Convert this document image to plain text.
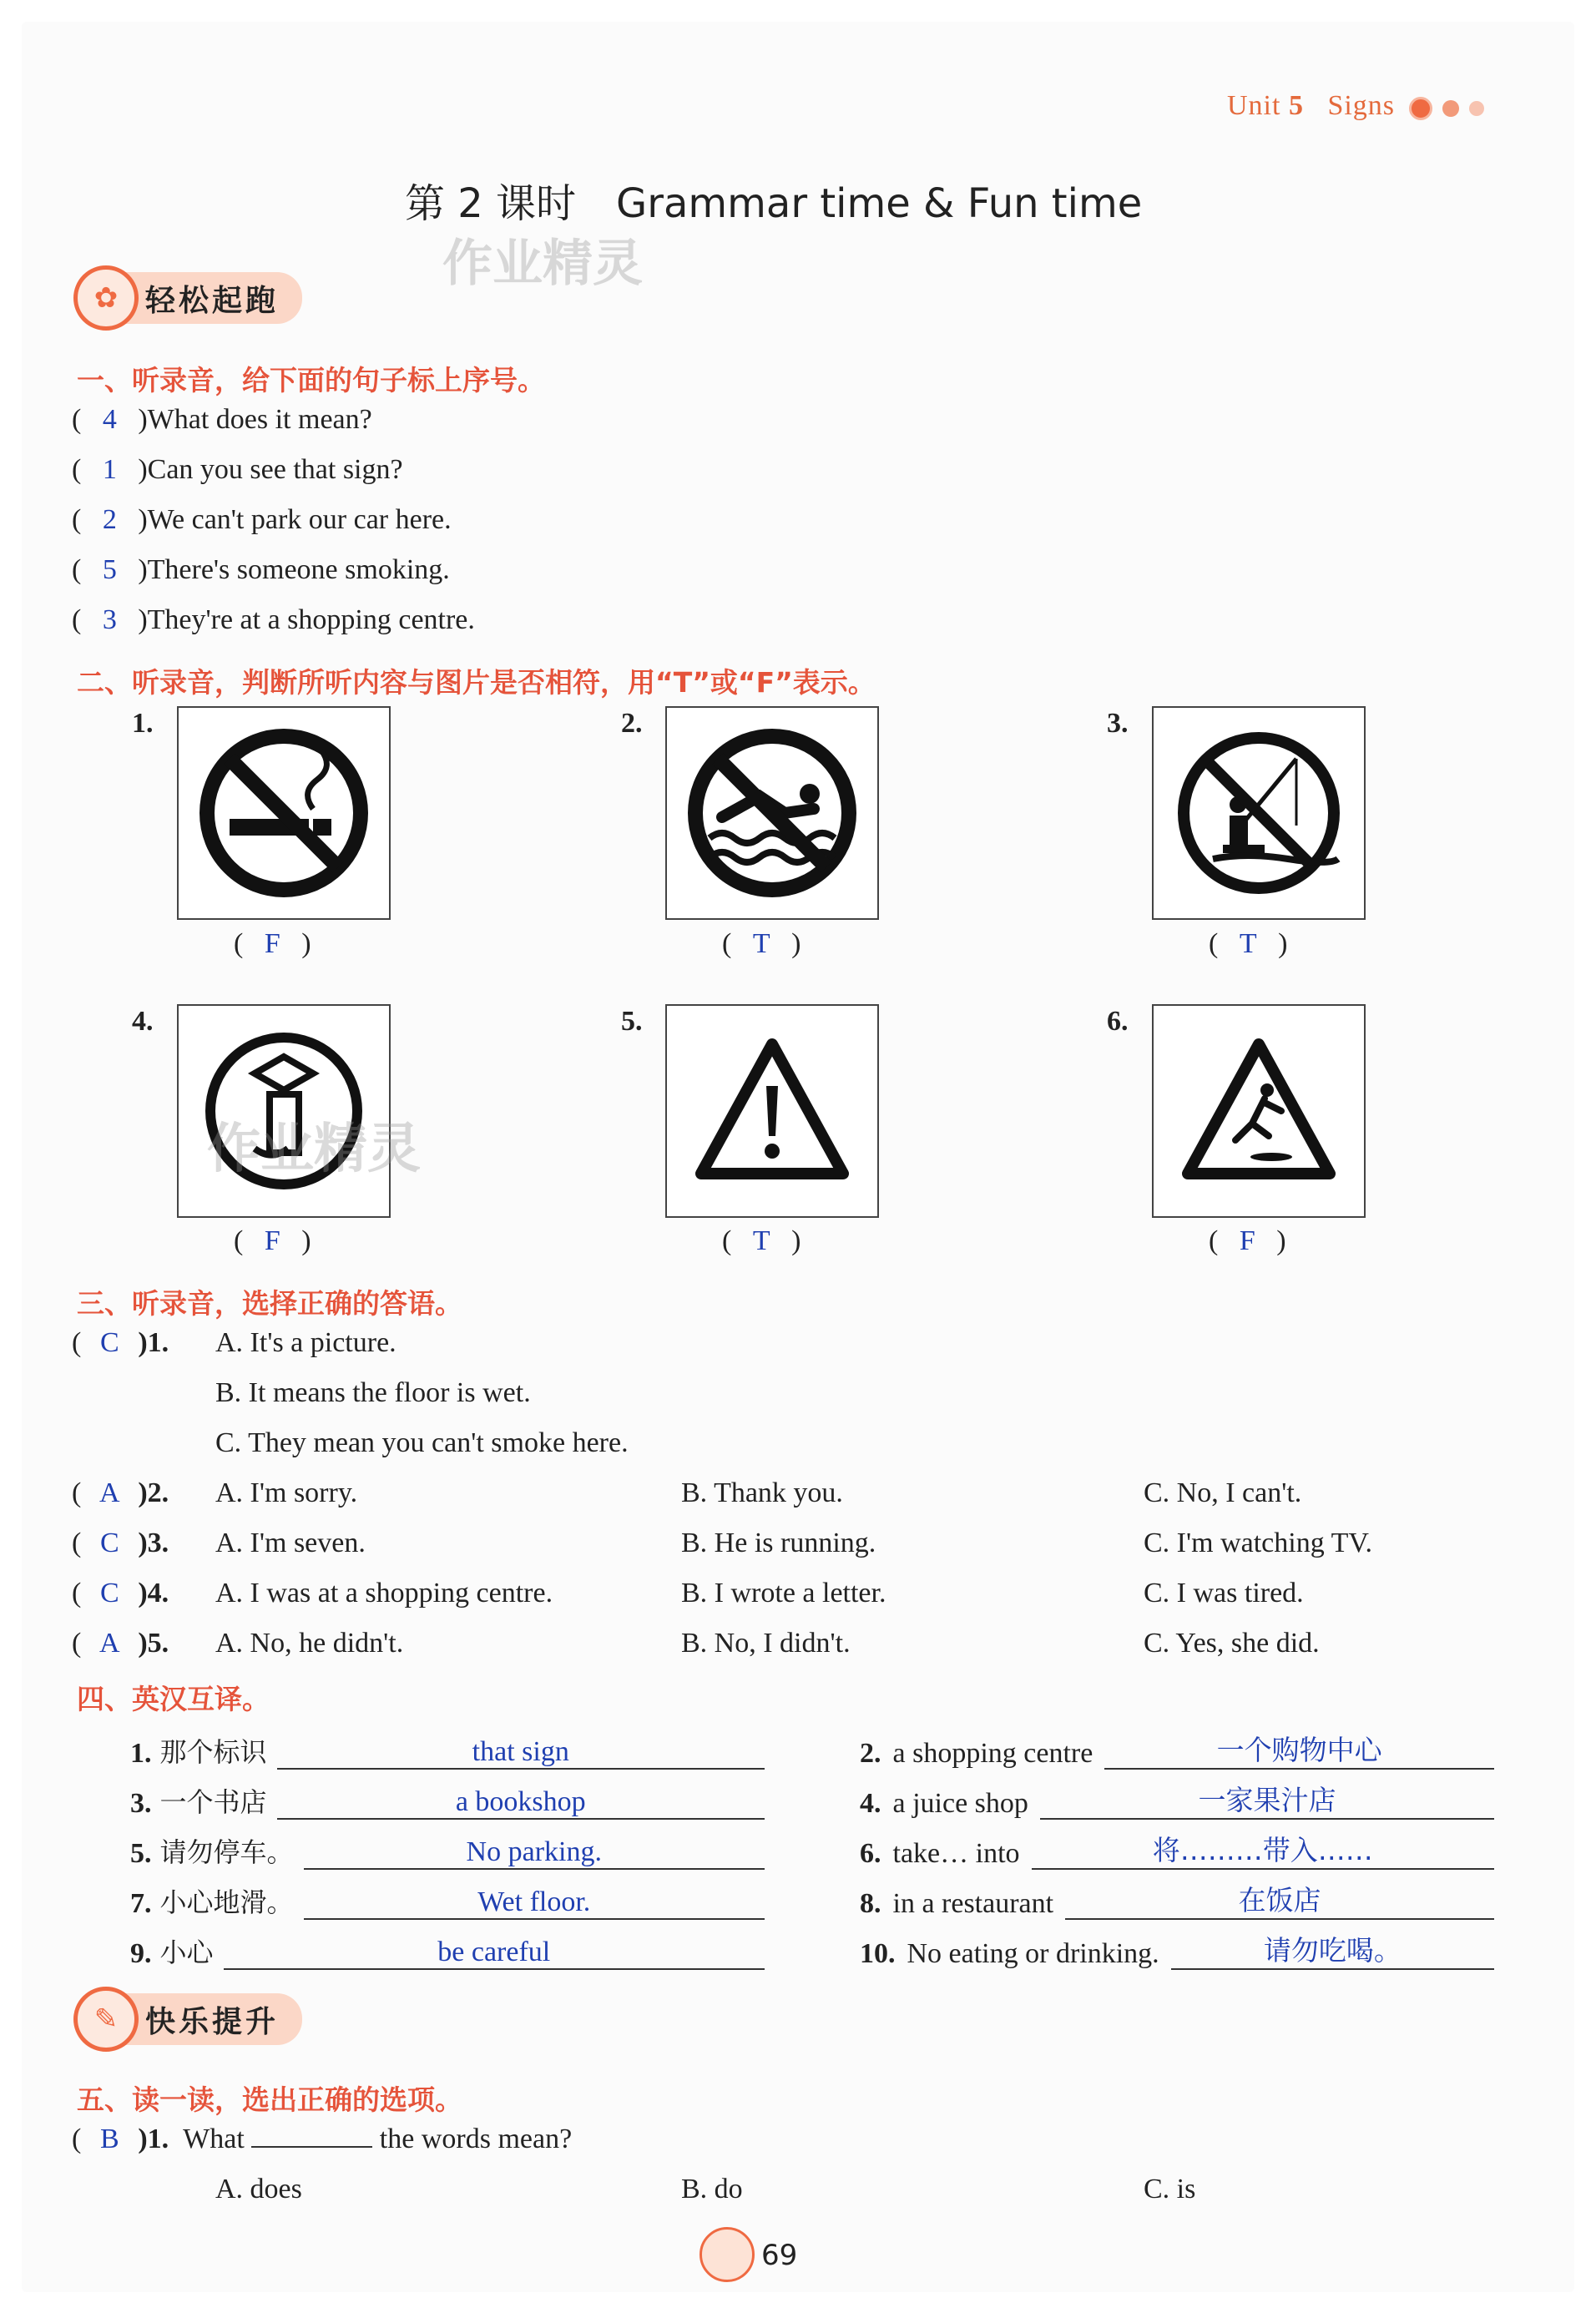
Unit 5 Signs

第 2 课时　Grammar time & Fun time
作业精灵
✿ 轻松起跑
一、听录音，给下面的句子标上序号。
( 4 )What does it mean?
( 1 )Can you see that sign?
( 2 )We can't park our car here.
( 5 )There's someone smoking.
( 3 )They're at a shopping centre.
二、听录音，判断所听内容与图片是否相符，用“T”或“F”表示。
1.
(   F   )
2.
(   T   )
3.
(   T   )
4.
作业精灵
(   F   )
5.
(   T   )
6.
(   F   )
三、听录音，选择正确的答语。
( C )1. A. It's a picture.
B. It means the floor is wet.
C. They mean you can't smoke here.
( A )2. A. I'm sorry.	B. Thank you.	C. No, I can't.
( C )3. A. I'm seven.	B. He is running.	C. I'm watching TV.
( C )4. A. I was at a shopping centre.	B. I wrote a letter.	C. I was tired.
( A )5. A. No, he didn't.	B. No, I didn't.	C. Yes, she did.
四、英汉互译。
1. 那个标识	that sign
3. 一个书店	a bookshop
5. 请勿停车。	No parking.
7. 小心地滑。	Wet floor.
9. 小心	be careful
2. a shopping centre	一个购物中心
4. a juice shop	一家果汁店
6. take… into	将………带入……
8. in a restaurant	在饭店
10. No eating or drinking.	请勿吃喝。
✎ 快乐提升
五、读一读，选出正确的选项。
( B )1. What	the words mean?
A. does	B. do	C. is
69
